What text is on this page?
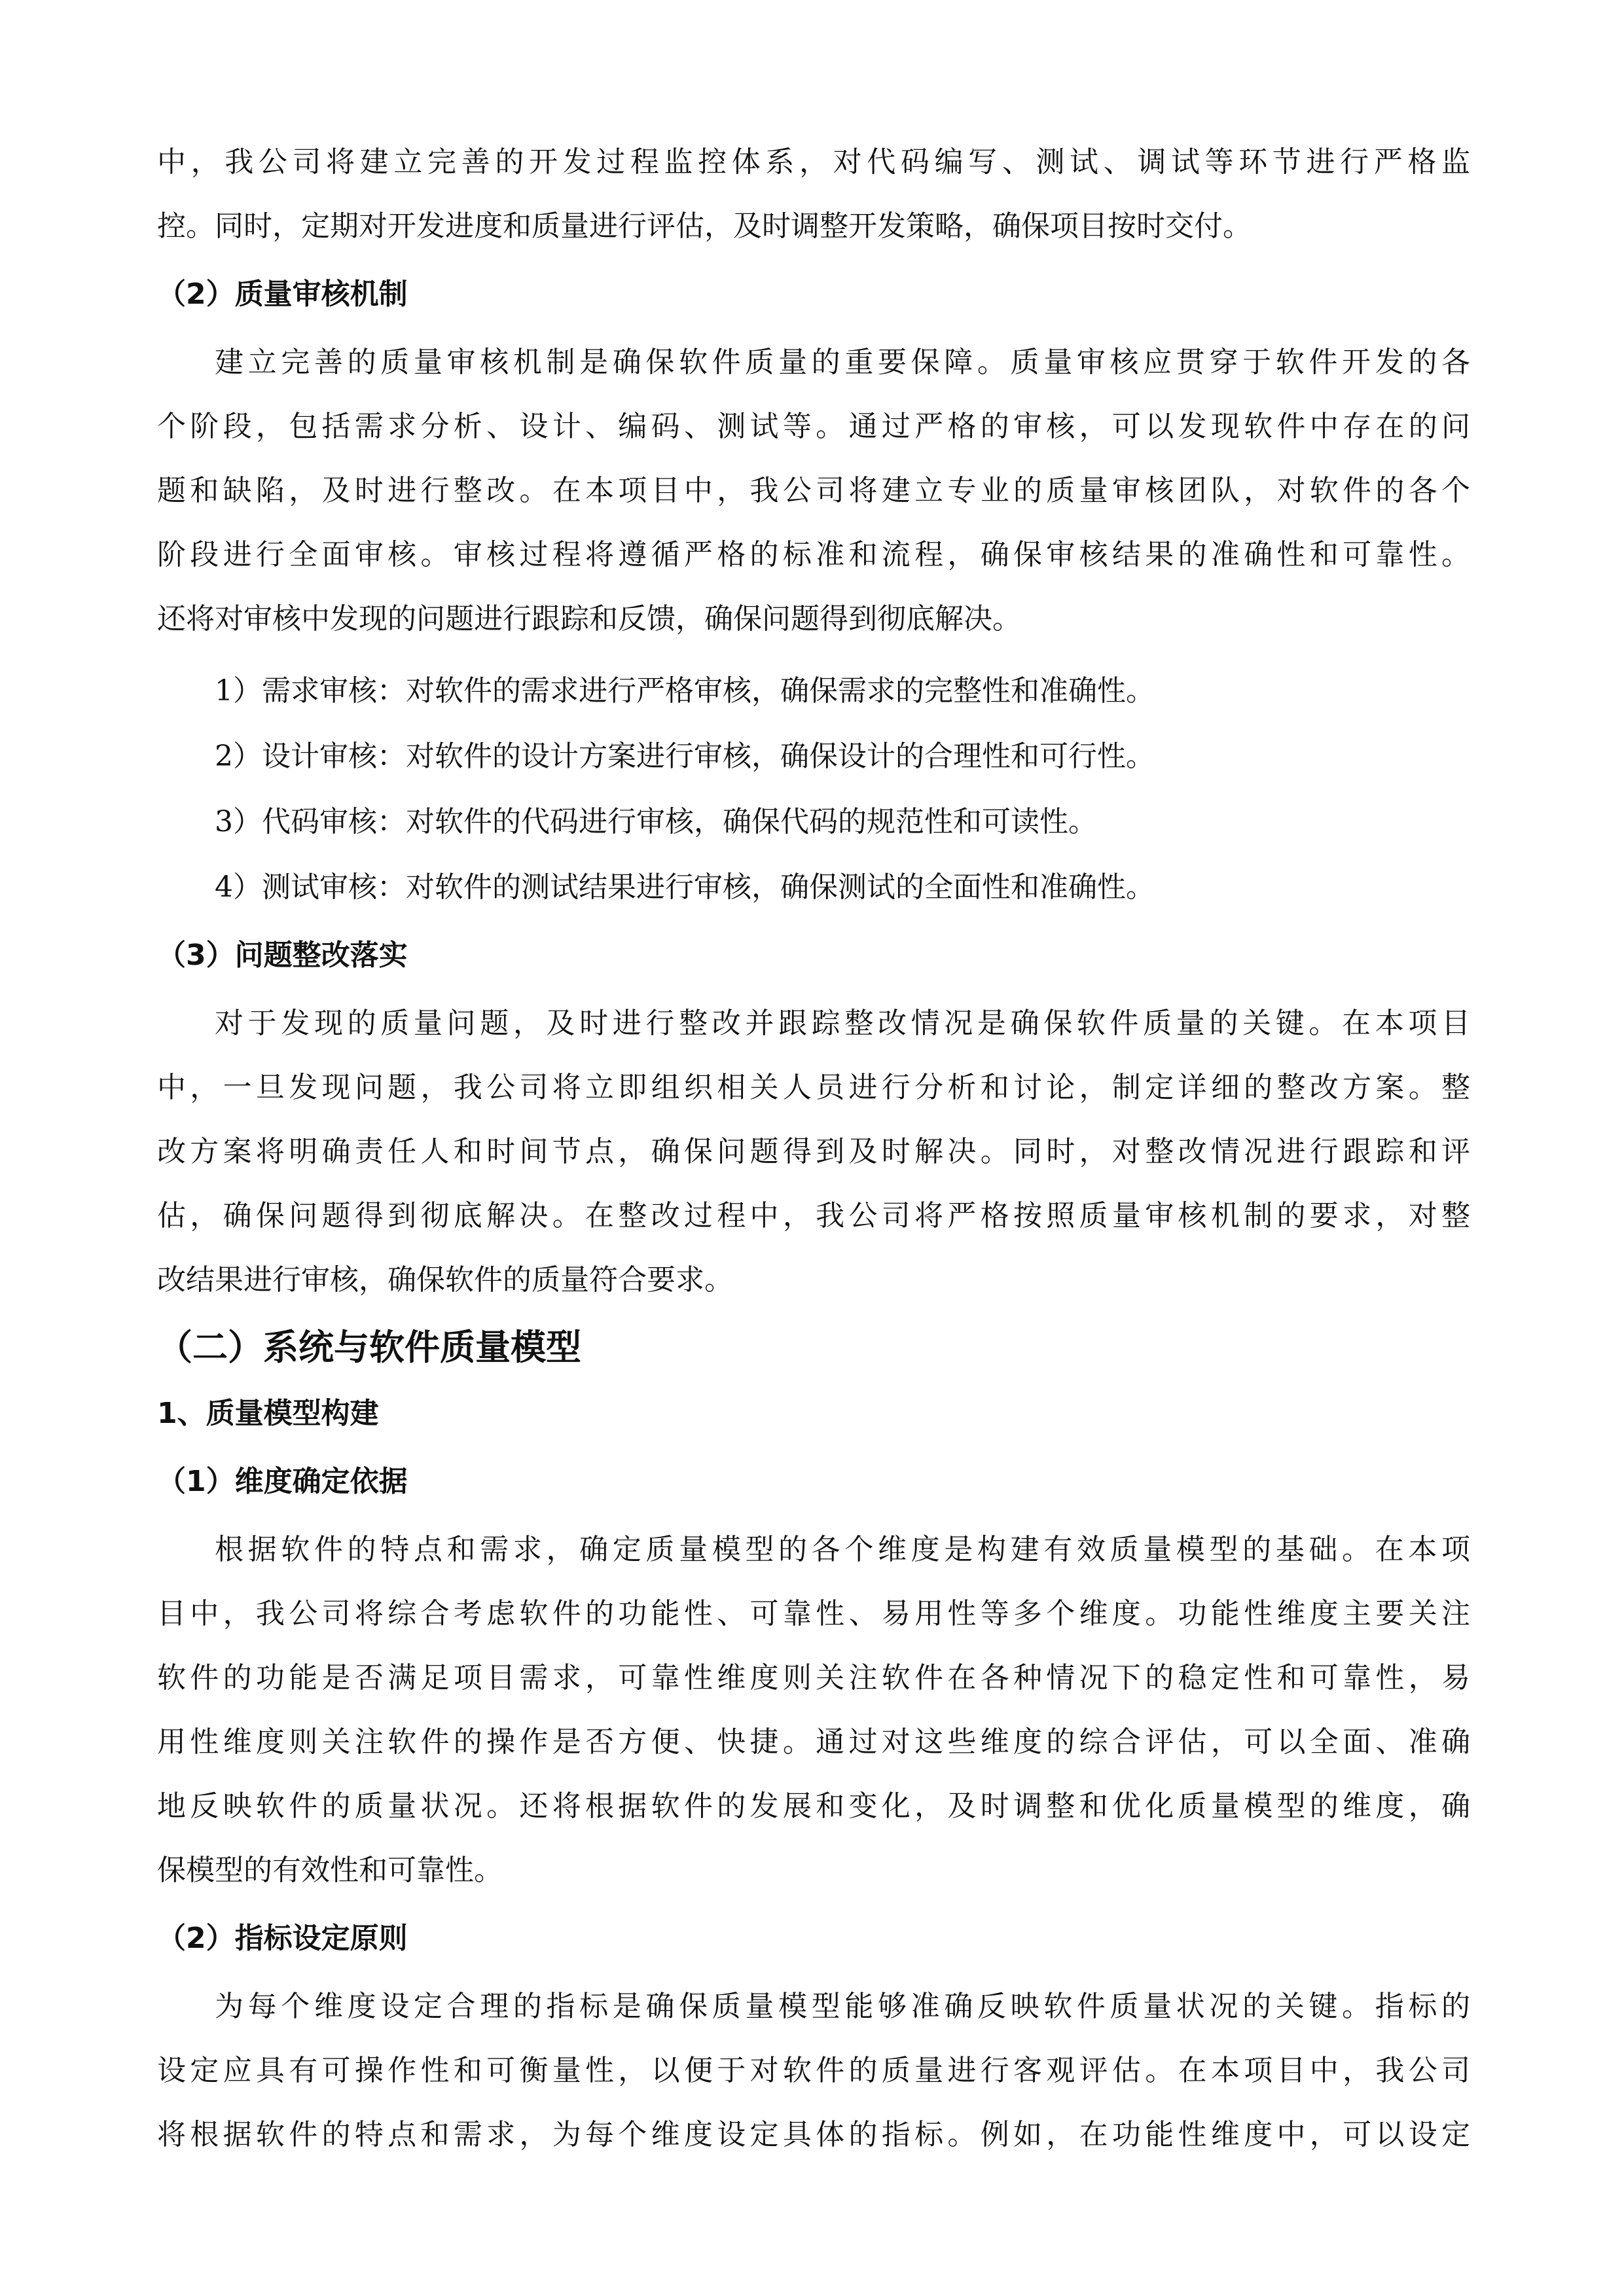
中，我公司将建立完善的开发过程监控体系，对代码编写、测试、调试等环节进行严格监
控。同时，定期对开发进度和质量进行评估，及时调整开发策略，确保项目按时交付。
（2）质量审核机制
建立完善的质量审核机制是确保软件质量的重要保障。质量审核应贯穿于软件开发的各
个阶段，包括需求分析、设计、编码、测试等。通过严格的审核，可以发现软件中存在的问
题和缺陷，及时进行整改。在本项目中，我公司将建立专业的质量审核团队，对软件的各个
阶段进行全面审核。审核过程将遵循严格的标准和流程，确保审核结果的准确性和可靠性。
还将对审核中发现的问题进行跟踪和反馈，确保问题得到彻底解决。
1）需求审核：对软件的需求进行严格审核，确保需求的完整性和准确性。
2）设计审核：对软件的设计方案进行审核，确保设计的合理性和可行性。
3）代码审核：对软件的代码进行审核，确保代码的规范性和可读性。
4）测试审核：对软件的测试结果进行审核，确保测试的全面性和准确性。
（3）问题整改落实
对于发现的质量问题，及时进行整改并跟踪整改情况是确保软件质量的关键。在本项目
中，一旦发现问题，我公司将立即组织相关人员进行分析和讨论，制定详细的整改方案。整
改方案将明确责任人和时间节点，确保问题得到及时解决。同时，对整改情况进行跟踪和评
估，确保问题得到彻底解决。在整改过程中，我公司将严格按照质量审核机制的要求，对整
改结果进行审核，确保软件的质量符合要求。
（二）系统与软件质量模型
1、质量模型构建
（1）维度确定依据
根据软件的特点和需求，确定质量模型的各个维度是构建有效质量模型的基础。在本项
目中，我公司将综合考虑软件的功能性、可靠性、易用性等多个维度。功能性维度主要关注
软件的功能是否满足项目需求，可靠性维度则关注软件在各种情况下的稳定性和可靠性，易
用性维度则关注软件的操作是否方便、快捷。通过对这些维度的综合评估，可以全面、准确
地反映软件的质量状况。还将根据软件的发展和变化，及时调整和优化质量模型的维度，确
保模型的有效性和可靠性。
（2）指标设定原则
为每个维度设定合理的指标是确保质量模型能够准确反映软件质量状况的关键。指标的
设定应具有可操作性和可衡量性，以便于对软件的质量进行客观评估。在本项目中，我公司
将根据软件的特点和需求，为每个维度设定具体的指标。例如，在功能性维度中，可以设定
